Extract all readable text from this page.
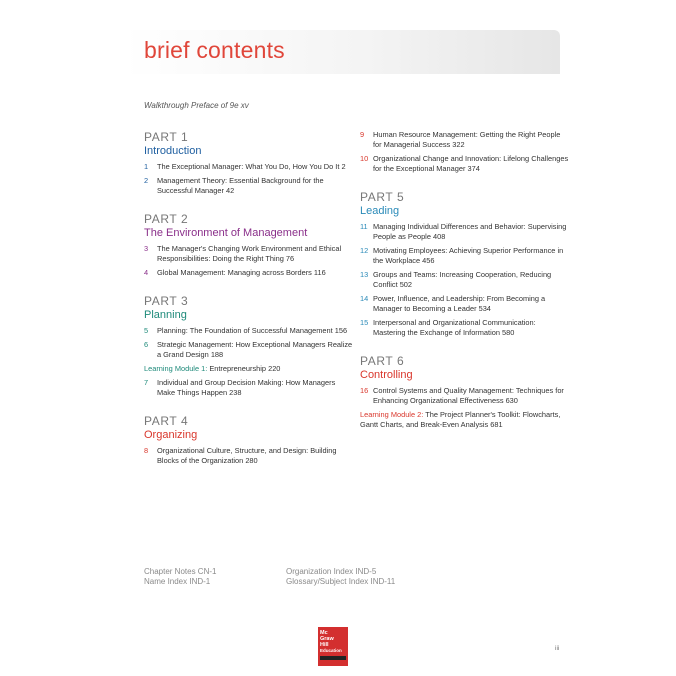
brief contents
Walkthrough Preface of 9e xv
PART 1
Introduction
1	The Exceptional Manager: What You Do, How You Do It 2
2	Management Theory: Essential Background for the Successful Manager 42
PART 2
The Environment of Management
3	The Manager's Changing Work Environment and Ethical Responsibilities: Doing the Right Thing 76
4	Global Management: Managing across Borders 116
PART 3
Planning
5	Planning: The Foundation of Successful Management 156
6	Strategic Management: How Exceptional Managers Realize a Grand Design 188
Learning Module 1: Entrepreneurship 220
7	Individual and Group Decision Making: How Managers Make Things Happen 238
PART 4
Organizing
8	Organizational Culture, Structure, and Design: Building Blocks of the Organization 280
9	Human Resource Management: Getting the Right People for Managerial Success 322
10 Organizational Change and Innovation: Lifelong Challenges for the Exceptional Manager 374
PART 5
Leading
11 Managing Individual Differences and Behavior: Supervising People as People 408
12 Motivating Employees: Achieving Superior Performance in the Workplace 456
13 Groups and Teams: Increasing Cooperation, Reducing Conflict 502
14 Power, Influence, and Leadership: From Becoming a Manager to Becoming a Leader 534
15 Interpersonal and Organizational Communication: Mastering the Exchange of Information 580
PART 6
Controlling
16 Control Systems and Quality Management: Techniques for Enhancing Organizational Effectiveness 630
Learning Module 2: The Project Planner's Toolkit: Flowcharts, Gantt Charts, and Break-Even Analysis 681
Chapter Notes CN-1
Name Index IND-1
Organization Index IND-5
Glossary/Subject Index IND-11
Mc
Graw
Hill
Education	iii
